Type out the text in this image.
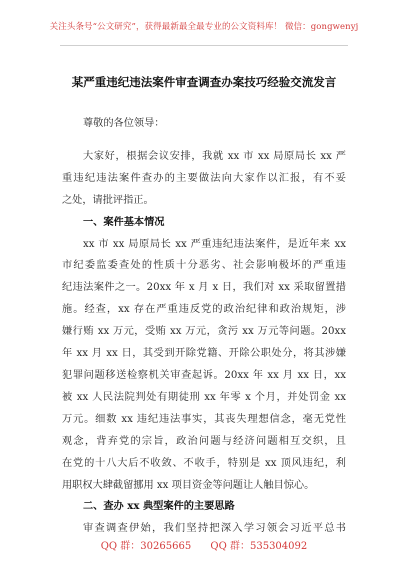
关注头条号“公文研究”，获得最新最全最专业的公文资料库！ 微信：gongwenyj
某严重违纪违法案件审查调查办案技巧经验交流发言

尊敬的各位领导：

大家好，根据会议安排，我就 xx 市 xx 局原局长 xx 严
重违纪违法案件查办的主要做法向大家作以汇报，有不妥
之处，请批评指正。

一、案件基本情况

xx 市 xx 局原局长 xx 严重违纪违法案件，是近年来 xx
市纪委监委查处的性质十分恶劣、社会影响极坏的严重违
纪违法案件之一。20xx 年 x 月 x 日，我们对 xx 采取留置措
施。经查，xx 存在严重违反党的政治纪律和政治规矩，涉
嫌行贿 xx 万元，受贿 xx 万元，贪污 xx 万元等问题。20xx
年 xx 月 xx 日，其受到开除党籍、开除公职处分，将其涉嫌
犯罪问题移送检察机关审查起诉。20xx 年 xx 月 xx 日，xx
被 xx 人民法院判处有期徒刑 xx 年零 x 个月，并处罚金 xx
万元。细数 xx 违纪违法事实，其丧失理想信念，毫无党性
观念，背弃党的宗旨，政治问题与经济问题相互交织，且
在党的十八大后不收敛、不收手，特别是 xx 顶风违纪，利
用职权大肆截留挪用 xx 项目资金等问题让人触目惊心。

二、查办 xx 典型案件的主要思路

审查调查伊始，我们坚持把深入学习领会习近平总书

QQ 群：30265665 QQ 群：535304092
